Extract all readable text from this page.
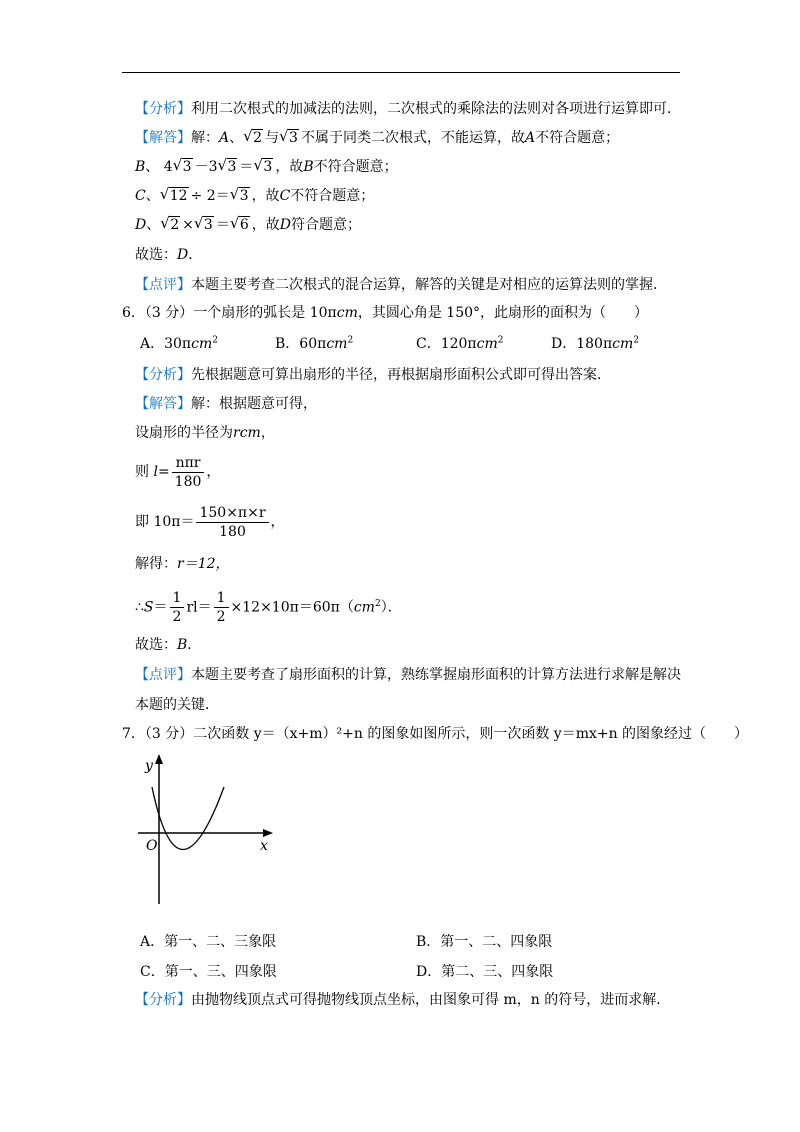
【分析】利用二次根式的加减法的法则，二次根式的乘除法的法则对各项进行运算即可．
【解答】解：A、 √ 2 与 √ 3 不属于同类二次根式，不能运算，故A不符合题意；
B、 4 √ 3 －3 √ 3 ＝ √ 3 ，故B不符合题意；
C、 √ 12 ÷ 2＝ √ 3 ，故C不符合题意；
D、 √ 2 × √ 3 ＝ √ 6 ，故D符合题意；
故选：D．
【点评】本题主要考查二次根式的混合运算，解答的关键是对相应的运算法则的掌握．
6．（3 分）一个扇形的弧长是 10πcm，其圆心角是 150°，此扇形的面积为（　　）
A．30πcm$^2$	B．60πcm$^2$	C．120πcm$^2$	D．180πcm$^2$
【分析】先根据题意可算出扇形的半径，再根据扇形面积公式即可得出答案．
【解答】解：根据题意可得，
设扇形的半径为rcm，
则 $l= \frac{\text{nπr}}{180}$ ，
即 $10\pi= \frac{150\times\pi\times r}{180}$ ，
解得：r＝12，
∴S＝ $\frac{1}{2} rl= \frac{1}{2} \times 12\times 10\pi=60\pi(cm^2)$．
故选：B．
【点评】本题主要考查了扇形面积的计算，熟练掌握扇形面积的计算方法进行求解是解决
本题的关键．
7．（3 分）二次函数 y＝（x+m）²+n 的图象如图所示，则一次函数 y＝mx+n 的图象经过（　　）
y
x
O
A．第一、二、三象限	B．第一、二、四象限
C．第一、三、四象限	D．第二、三、四象限
【分析】由抛物线顶点式可得抛物线顶点坐标，由图象可得 m，n 的符号，进而求解．
